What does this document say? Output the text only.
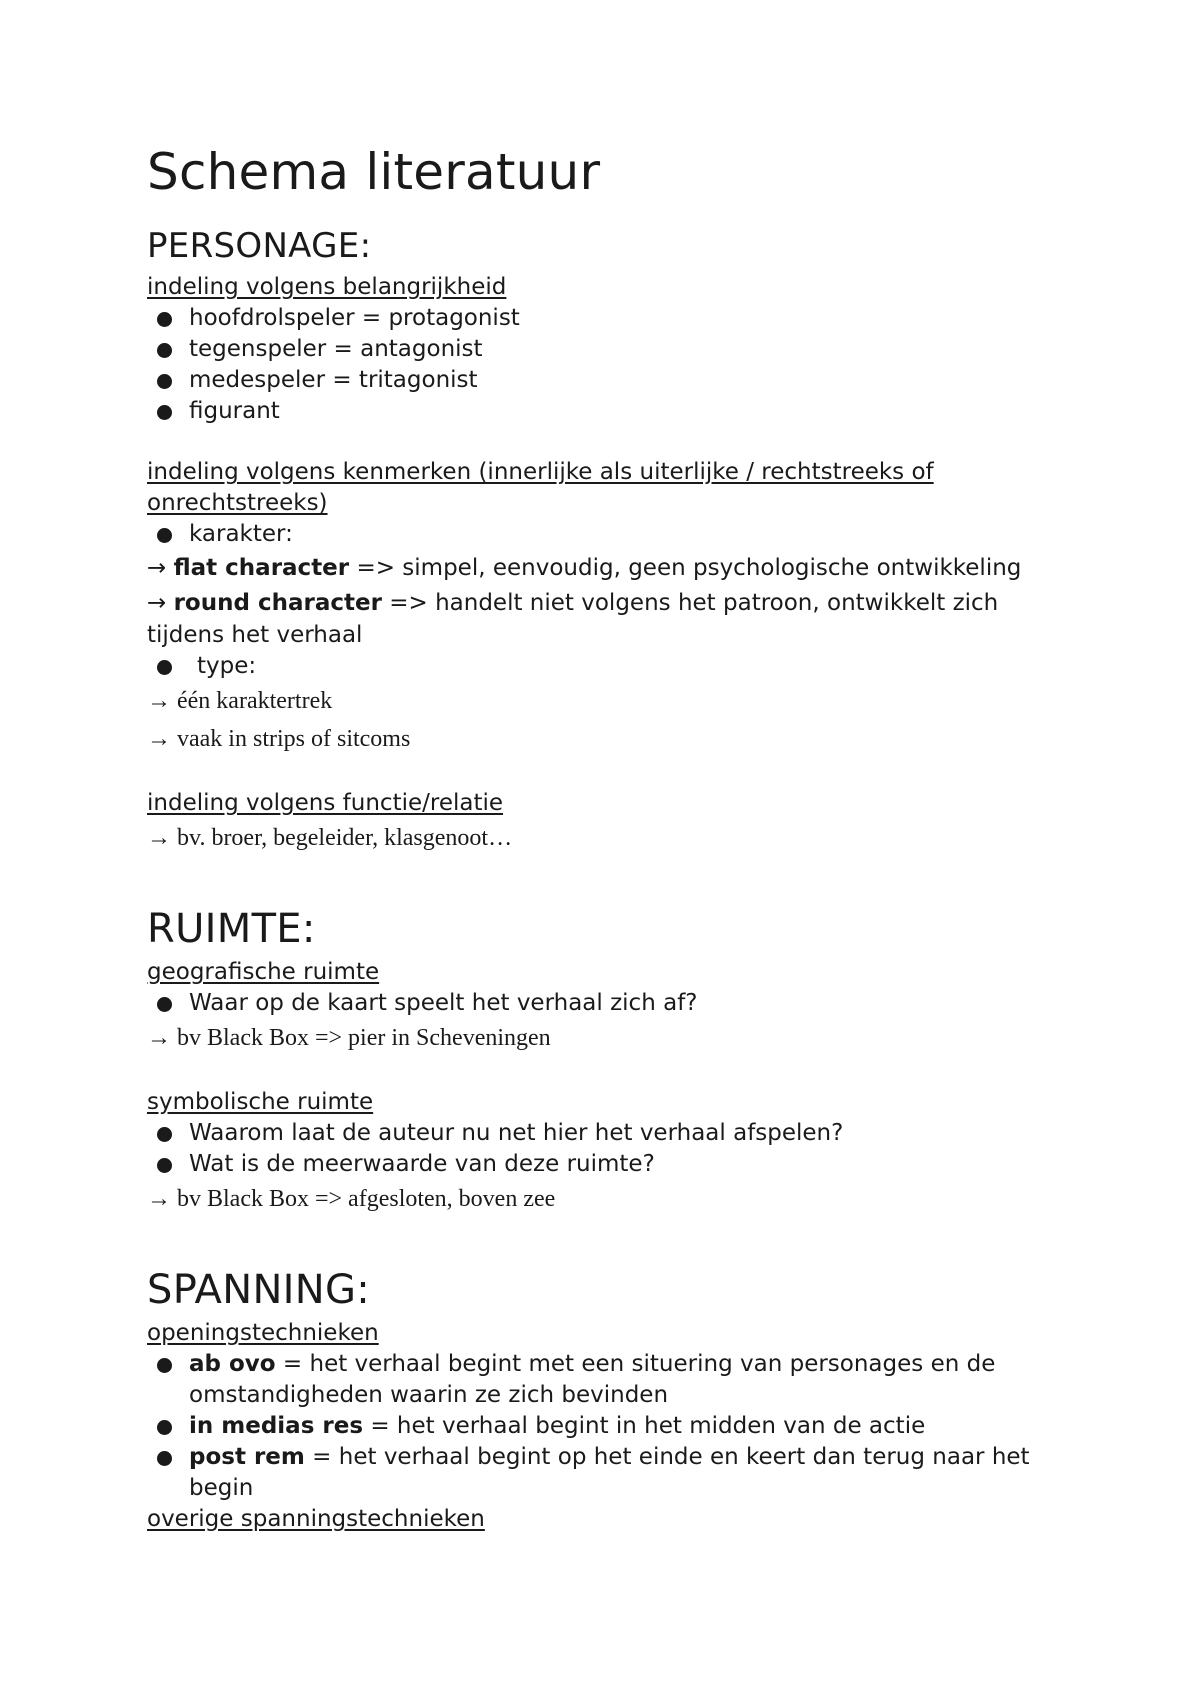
Schema literatuur
PERSONAGE:
indeling volgens belangrijkheid
hoofdrolspeler = protagonist
tegenspeler = antagonist
medespeler = tritagonist
figurant
indeling volgens kenmerken (innerlijke als uiterlijke / rechtstreeks of
onrechtstreeks)
karakter:
→ flat character => simpel, eenvoudig, geen psychologische ontwikkeling
→ round character => handelt niet volgens het patroon, ontwikkelt zich
tijdens het verhaal
type:
→ één karaktertrek
→ vaak in strips of sitcoms
indeling volgens functie/relatie
→ bv. broer, begeleider, klasgenoot…
RUIMTE:
geografische ruimte
Waar op de kaart speelt het verhaal zich af?
→ bv Black Box => pier in Scheveningen
symbolische ruimte
Waarom laat de auteur nu net hier het verhaal afspelen?
Wat is de meerwaarde van deze ruimte?
→ bv Black Box => afgesloten, boven zee
SPANNING:
openingstechnieken
ab ovo = het verhaal begint met een situering van personages en de omstandigheden waarin ze zich bevinden
in medias res = het verhaal begint in het midden van de actie
post rem = het verhaal begint op het einde en keert dan terug naar het begin
overige spanningstechnieken
